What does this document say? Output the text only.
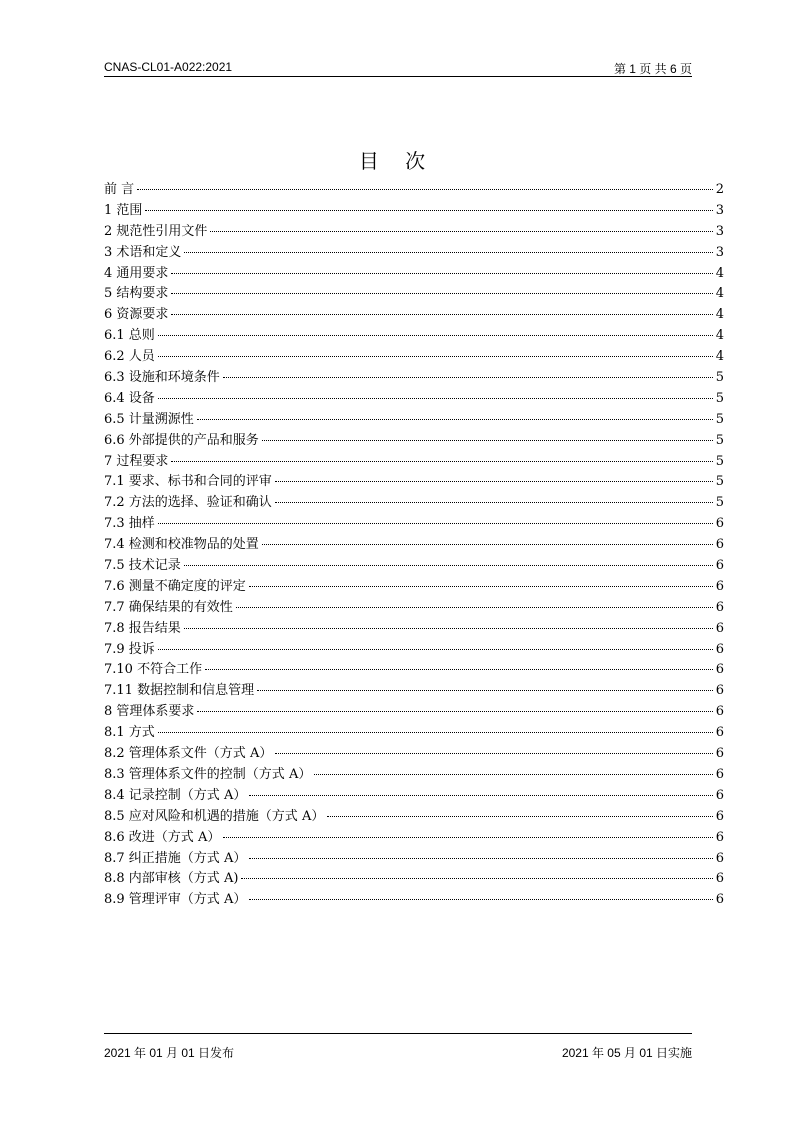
CNAS-CL01-A022:2021	第 1 页 共 6 页
目 次
前 言	2
1 范围	3
2 规范性引用文件	3
3 术语和定义	3
4 通用要求	4
5 结构要求	4
6 资源要求	4
6.1 总则	4
6.2 人员	4
6.3 设施和环境条件	5
6.4 设备	5
6.5 计量溯源性	5
6.6 外部提供的产品和服务	5
7 过程要求	5
7.1 要求、标书和合同的评审	5
7.2 方法的选择、验证和确认	5
7.3 抽样	6
7.4 检测和校准物品的处置	6
7.5 技术记录	6
7.6 测量不确定度的评定	6
7.7 确保结果的有效性	6
7.8 报告结果	6
7.9 投诉	6
7.10 不符合工作	6
7.11 数据控制和信息管理	6
8 管理体系要求	6
8.1 方式	6
8.2 管理体系文件（方式 A）	6
8.3 管理体系文件的控制（方式 A）	6
8.4 记录控制（方式 A）	6
8.5 应对风险和机遇的措施（方式 A）	6
8.6 改进（方式 A）	6
8.7 纠正措施（方式 A）	6
8.8 内部审核（方式 A)	6
8.9 管理评审（方式 A）	6
2021 年 01 月 01 日发布	2021 年 05 月 01 日实施
